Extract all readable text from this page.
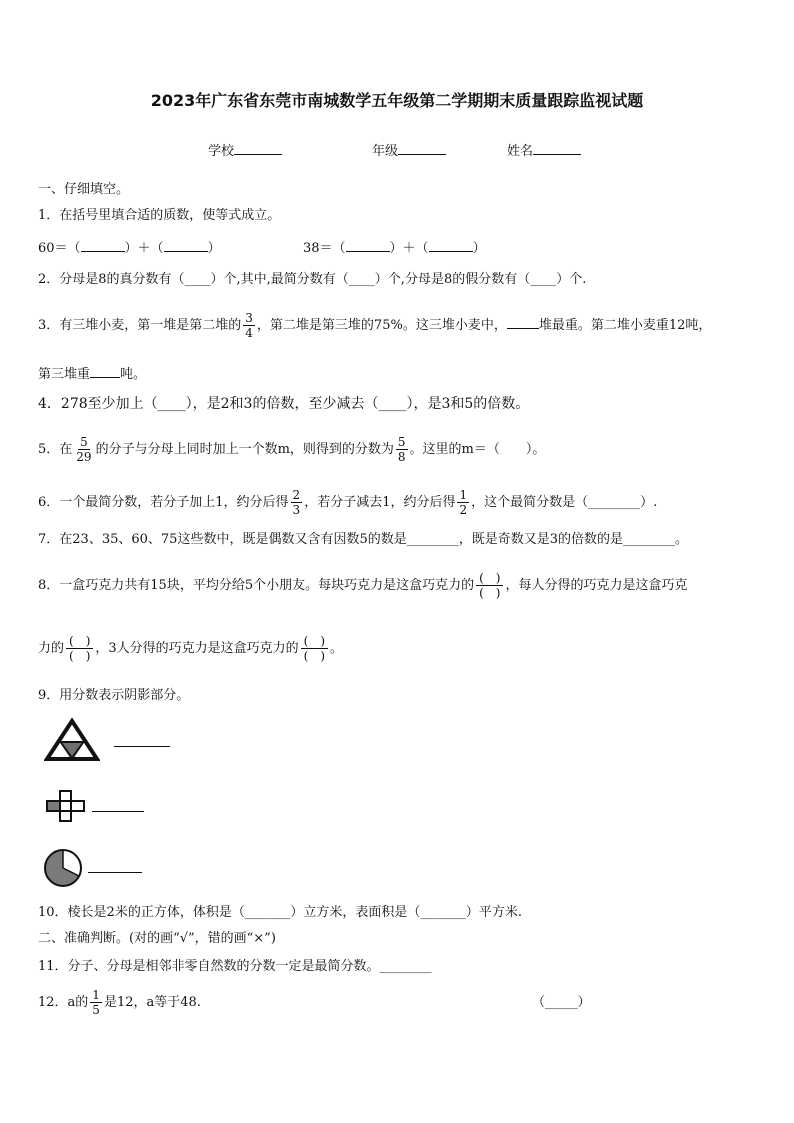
2023年广东省东莞市南城数学五年级第二学期期末质量跟踪监视试题
学校	年级	姓名
一、仔细填空。
1．在括号里填合适的质数，使等式成立。
60＝（	）＋（	）	38＝（	）＋（	）
2．分母是8的真分数有（____）个,其中,最简分数有（____）个,分母是8的假分数有（____）个.
3．有三堆小麦，第一堆是第二堆的 $\frac{3}{4}$ ，第二堆是第三堆的75%。这三堆小麦中， 堆最重。第二堆小麦重12吨，
第三堆重 吨。
4．278至少加上（____），是2和3的倍数，至少减去（____），是3和5的倍数。
5．在 $\frac{5}{29}$ 的分子与分母上同时加上一个数m，则得到的分数为 $\frac{5}{8}$ 。这里的m＝（　　）。
6．一个最简分数，若分子加上1，约分后得 $\frac{2}{3}$ ，若分子减去1，约分后得 $\frac{1}{2}$ ，这个最简分数是（________）.
7．在23、35、60、75这些数中，既是偶数又含有因数5的数是________，既是奇数又是3的倍数的是________。
8．一盒巧克力共有15块，平均分给5个小朋友。每块巧克力是这盒巧克力的 (　)
(　) ，每人分得的巧克力是这盒巧克
力的 (　)
(　) ，3人分得的巧克力是这盒巧克力的 (　)
(　) 。
9．用分数表示阴影部分。
10．棱长是2米的正方体，体积是（_______）立方米，表面积是（_______）平方米.
二、准确判断。(对的画“√”，错的画“×”)
11．分子、分母是相邻非零自然数的分数一定是最简分数。________
12．a的 $\frac{1}{5}$ 是12，a等于48.	（_____）
